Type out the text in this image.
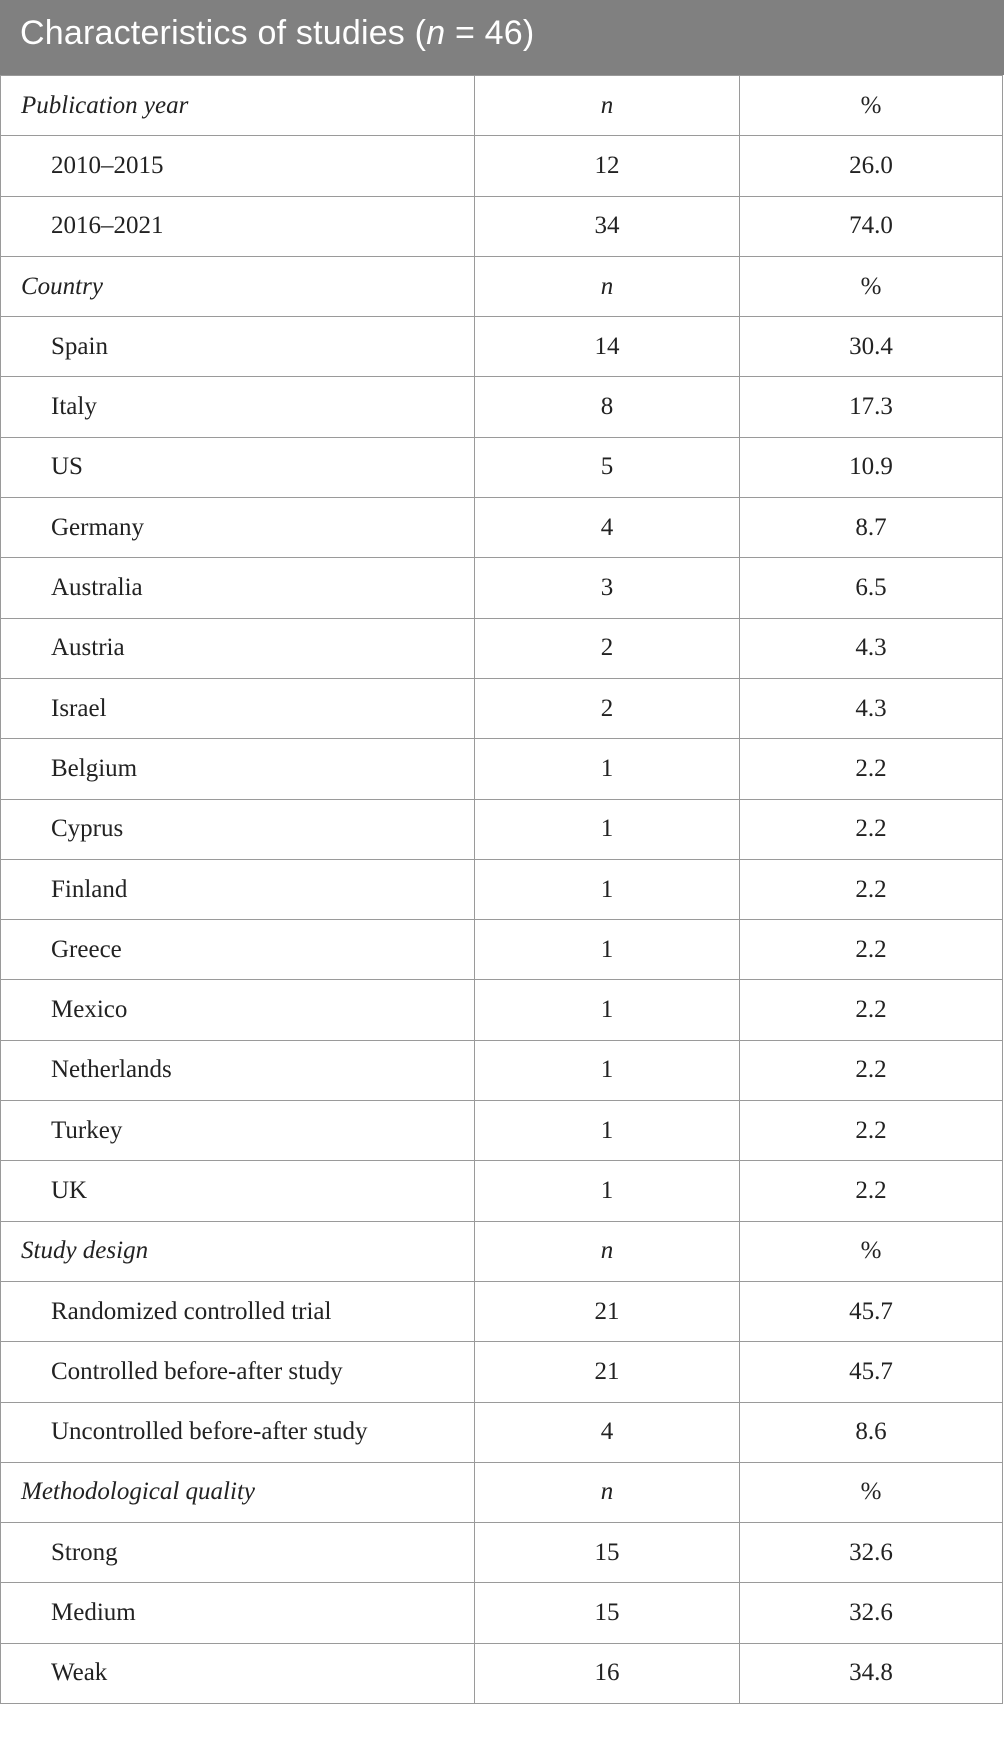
Characteristics of studies (n = 46)
Publication year	n	%
2010–2015	12	26.0
2016–2021	34	74.0
Country	n	%
Spain	14	30.4
Italy	8	17.3
US	5	10.9
Germany	4	8.7
Australia	3	6.5
Austria	2	4.3
Israel	2	4.3
Belgium	1	2.2
Cyprus	1	2.2
Finland	1	2.2
Greece	1	2.2
Mexico	1	2.2
Netherlands	1	2.2
Turkey	1	2.2
UK	1	2.2
Study design	n	%
Randomized controlled trial	21	45.7
Controlled before-after study	21	45.7
Uncontrolled before-after study	4	8.6
Methodological quality	n	%
Strong	15	32.6
Medium	15	32.6
Weak	16	34.8
